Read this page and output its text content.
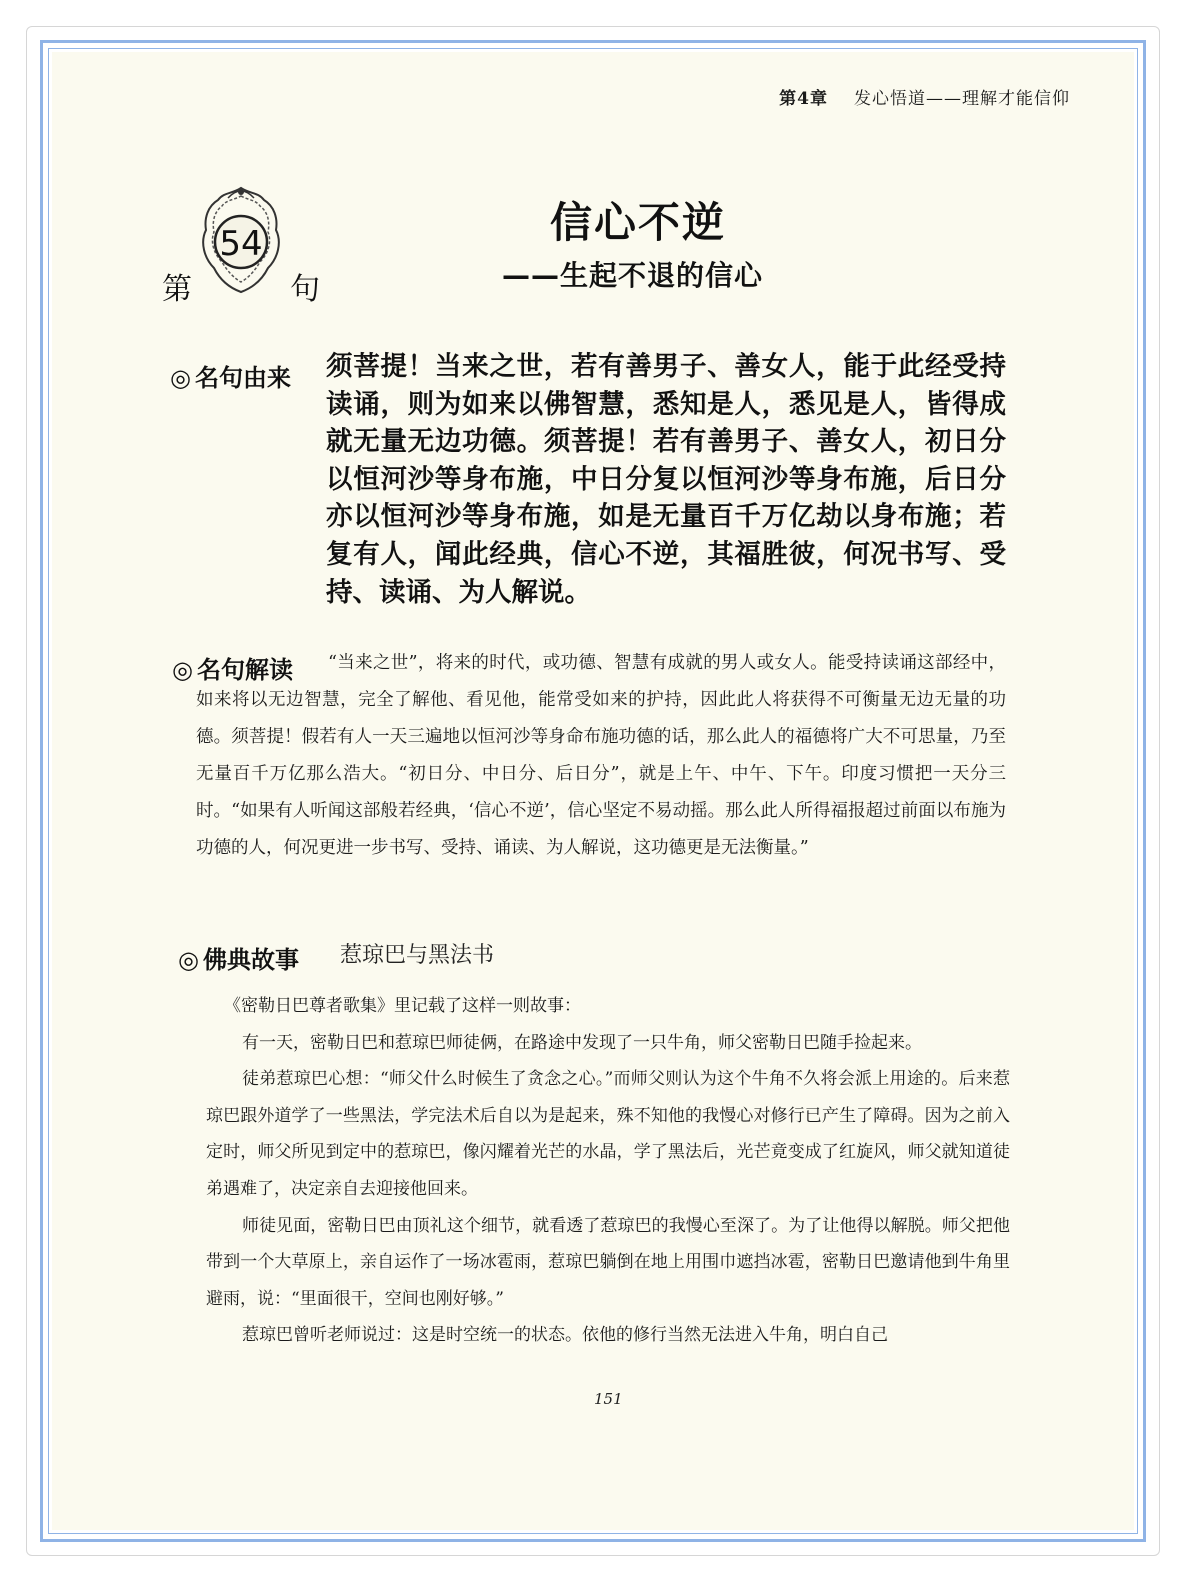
第4章 发心悟道——理解才能信仰
54
第	句
信心不逆
——生起不退的信心
◎ 名句由来 须菩提！当来之世，若有善男子、善女人，能于此经受持读诵，则为如来以佛智慧，悉知是人，悉见是人，皆得成就无量无边功德。须菩提！若有善男子、善女人，初日分以恒河沙等身布施，中日分复以恒河沙等身布施，后日分亦以恒河沙等身布施，如是无量百千万亿劫以身布施；若复有人，闻此经典，信心不逆，其福胜彼，何况书写、受持、读诵、为人解说。
◎ 名句解读	“当来之世”，将来的时代，或功德、智慧有成就的男人或女人。能受持读诵这部经中，如来将以无边智慧，完全了解他、看见他，能常受如来的护持，因此此人将获得不可衡量无边无量的功德。须菩提！假若有人一天三遍地以恒河沙等身命布施功德的话，那么此人的福德将广大不可思量，乃至无量百千万亿那么浩大。“初日分、中日分、后日分”，就是上午、中午、下午。印度习惯把一天分三时。“如果有人听闻这部般若经典，‘信心不逆’，信心坚定不易动摇。那么此人所得福报超过前面以布施为功德的人，何况更进一步书写、受持、诵读、为人解说，这功德更是无法衡量。”
◎ 佛典故事 惹琼巴与黑法书

《密勒日巴尊者歌集》里记载了这样一则故事：

有一天，密勒日巴和惹琼巴师徒俩，在路途中发现了一只牛角，师父密勒日巴随手捡起来。

徒弟惹琼巴心想：“师父什么时候生了贪念之心。”而师父则认为这个牛角不久将会派上用途的。后来惹琼巴跟外道学了一些黑法，学完法术后自以为是起来，殊不知他的我慢心对修行已产生了障碍。因为之前入定时，师父所见到定中的惹琼巴，像闪耀着光芒的水晶，学了黑法后，光芒竟变成了红旋风，师父就知道徒弟遇难了，决定亲自去迎接他回来。

师徒见面，密勒日巴由顶礼这个细节，就看透了惹琼巴的我慢心至深了。为了让他得以解脱。师父把他带到一个大草原上，亲自运作了一场冰雹雨，惹琼巴躺倒在地上用围巾遮挡冰雹，密勒日巴邀请他到牛角里避雨，说：“里面很干，空间也刚好够。”

惹琼巴曾听老师说过：这是时空统一的状态。依他的修行当然无法进入牛角，明白自己

151
